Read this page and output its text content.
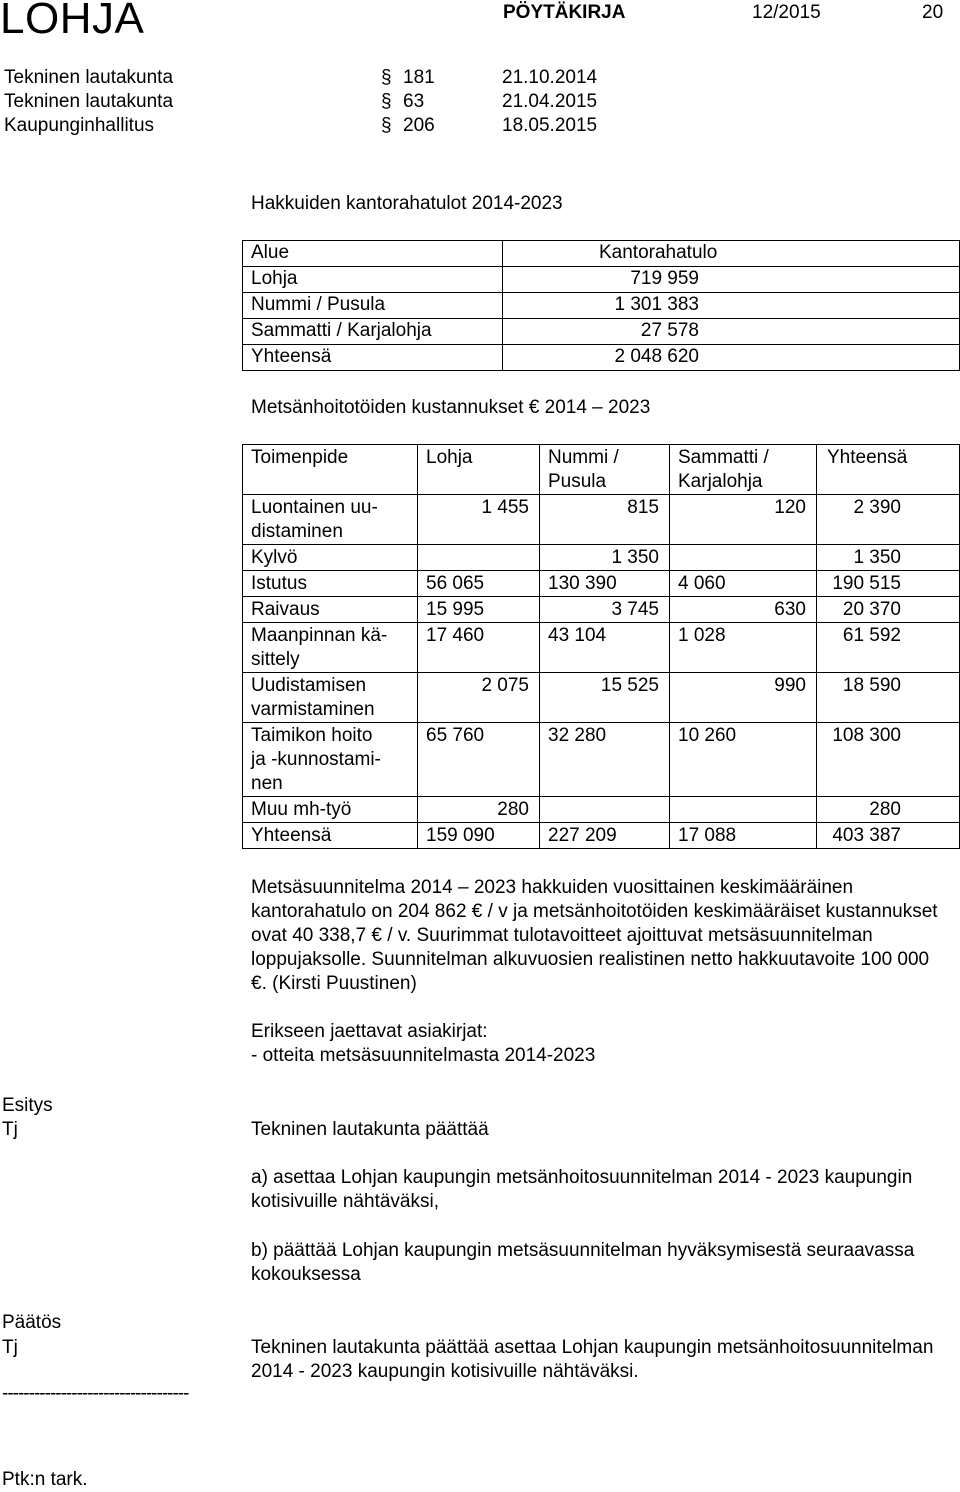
LOHJA	PÖYTÄKIRJA	12/2015	20
Tekninen lautakunta	§ 181	21.10.2014
Tekninen lautakunta	§ 63	21.04.2015
Kaupunginhallitus	§ 206	18.05.2015
Hakkuiden kantorahatulot 2014-2023
Alue	Kantorahatulo
Lohja	719 959
Nummi / Pusula	1 301 383
Sammatti / Karjalohja	27 578
Yhteensä	2 048 620
Metsänhoitotöiden kustannukset € 2014 – 2023
Toimenpide	Lohja	Nummi / Pusula	Sammatti / Karjalohja	Yhteensä
Luontainen uu-
distaminen	1 455	815	120	2 390
Kylvö		1 350		1 350
Istutus	56 065	130 390	4 060	190 515
Raivaus	15 995	3 745	630	20 370
Maanpinnan kä-
sittely	17 460	43 104	1 028	61 592
Uudistamisen
varmistaminen	2 075	15 525	990	18 590
Taimikon hoito
ja -kunnostami-
nen	65 760	32 280	10 260	108 300
Muu mh-työ	280			280
Yhteensä	159 090	227 209	17 088	403 387
Metsäsuunnitelma 2014 – 2023 hakkuiden vuosittainen keskimääräinen kantorahatulo on 204 862 € / v ja metsänhoitotöiden keskimääräiset kustannukset ovat 40 338,7 € / v. Suurimmat tulotavoitteet ajoittuvat metsäsuunnitelman loppujaksolle. Suunnitelman alkuvuosien realistinen netto hakkuutavoite 100 000 €. (Kirsti Puustinen)
Erikseen jaettavat asiakirjat:
- otteita metsäsuunnitelmasta 2014-2023
Esitys
Tj	Tekninen lautakunta päättää
a) asettaa Lohjan kaupungin metsänhoitosuunnitelman 2014 - 2023 kaupungin kotisivuille nähtäväksi,
b) päättää Lohjan kaupungin metsäsuunnitelman hyväksymisestä seuraavassa kokouksessa
Päätös
Tj	Tekninen lautakunta päättää asettaa Lohjan kaupungin metsänhoitosuunnitelman 2014 - 2023 kaupungin kotisivuille nähtäväksi.
-----------------------------------
Ptk:n tark.
